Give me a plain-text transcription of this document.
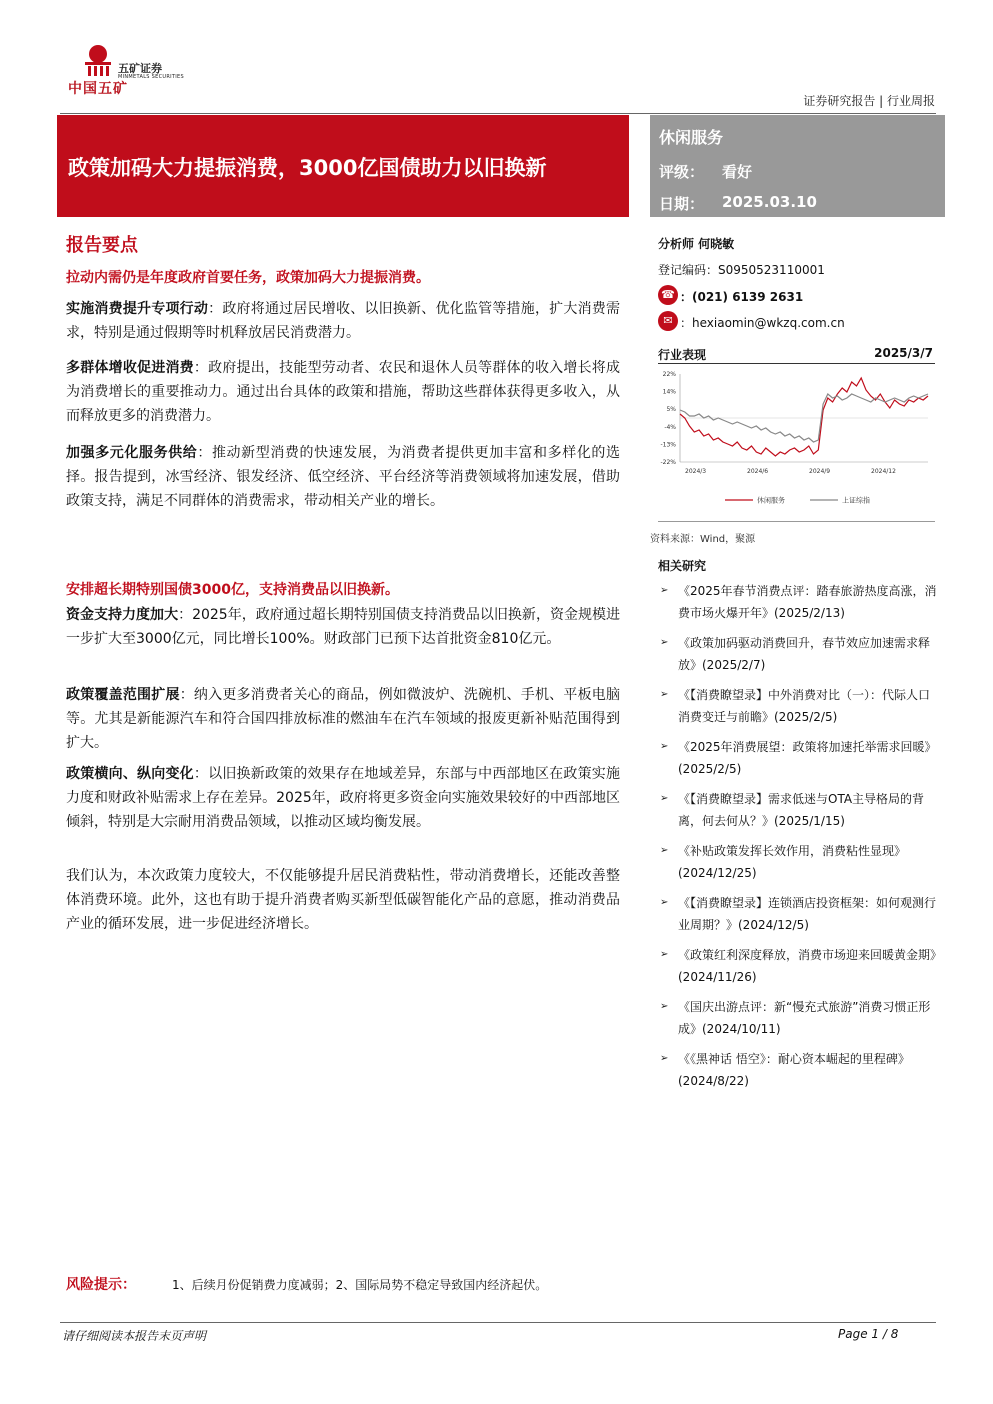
中国五矿
五矿证券
MINMETALS SECURITIES
证券研究报告 | 行业周报
政策加码大力提振消费，3000亿国债助力以旧换新
休闲服务
评级： 看好
日期： 2025.03.10
报告要点
拉动内需仍是年度政府首要任务，政策加码大力提振消费。
实施消费提升专项行动：政府将通过居民增收、以旧换新、优化监管等措施，扩大消费需求，特别是通过假期等时机释放居民消费潜力。
多群体增收促进消费：政府提出，技能型劳动者、农民和退休人员等群体的收入增长将成为消费增长的重要推动力。通过出台具体的政策和措施，帮助这些群体获得更多收入，从而释放更多的消费潜力。
加强多元化服务供给：推动新型消费的快速发展，为消费者提供更加丰富和多样化的选择。报告提到，冰雪经济、银发经济、低空经济、平台经济等消费领域将加速发展，借助政策支持，满足不同群体的消费需求，带动相关产业的增长。
安排超长期特别国债3000亿，支持消费品以旧换新。
资金支持力度加大：2025年，政府通过超长期特别国债支持消费品以旧换新，资金规模进一步扩大至3000亿元，同比增长100%。财政部门已预下达首批资金810亿元。
政策覆盖范围扩展：纳入更多消费者关心的商品，例如微波炉、洗碗机、手机、平板电脑等。尤其是新能源汽车和符合国四排放标准的燃油车在汽车领域的报废更新补贴范围得到扩大。
政策横向、纵向变化：以旧换新政策的效果存在地域差异，东部与中西部地区在政策实施力度和财政补贴需求上存在差异。2025年，政府将更多资金向实施效果较好的中西部地区倾斜，特别是大宗耐用消费品领域，以推动区域均衡发展。
我们认为，本次政策力度较大，不仅能够提升居民消费粘性，带动消费增长，还能改善整体消费环境。此外，这也有助于提升消费者购买新型低碳智能化产品的意愿，推动消费品产业的循环发展，进一步促进经济增长。
分析师 何晓敏
登记编码：S0950523110001
☎ ：(021) 6139 2631
✉ ：hexiaomin@wkzq.com.cn
行业表现	2025/3/7
22%
14%
5%
-4%
-13%
-22%
2024/3	2024/6	2024/9	2024/12
休闲服务	上证综指
资料来源：Wind，聚源
相关研究
➢ 《2025年春节消费点评：踏春旅游热度高涨，消费市场火爆开年》(2025/2/13)
➢ 《政策加码驱动消费回升，春节效应加速需求释放》(2025/2/7)
➢ 《【消费瞭望录】中外消费对比（一）：代际人口消费变迁与前瞻》(2025/2/5)
➢ 《2025年消费展望：政策将加速托举需求回暖》(2025/2/5)
➢ 《【消费瞭望录】需求低迷与OTA主导格局的背离，何去何从？》(2025/1/15)
➢ 《补贴政策发挥长效作用，消费粘性显现》(2024/12/25)
➢ 《【消费瞭望录】连锁酒店投资框架：如何观测行业周期？》(2024/12/5)
➢ 《政策红利深度释放，消费市场迎来回暖黄金期》(2024/11/26)
➢ 《国庆出游点评：新“慢充式旅游”消费习惯正形成》(2024/10/11)
➢ 《《黑神话 悟空》：耐心资本崛起的里程碑》(2024/8/22)
风险提示：	1、后续月份促销费力度减弱；2、国际局势不稳定导致国内经济起伏。
请仔细阅读本报告末页声明	Page 1 / 8
